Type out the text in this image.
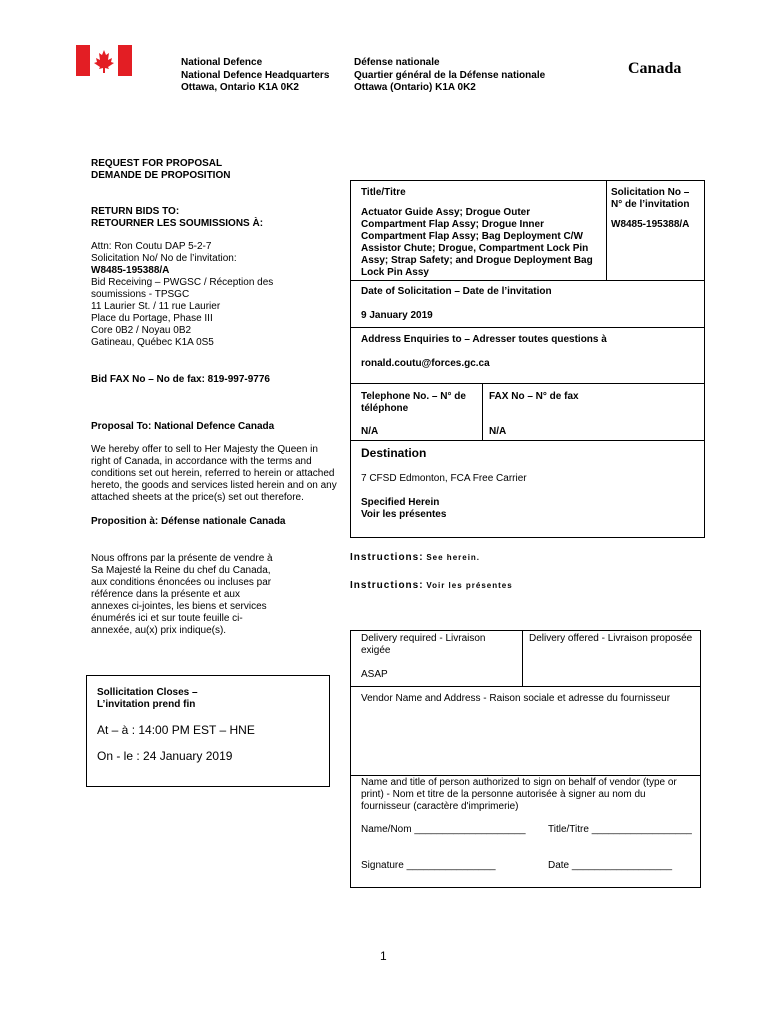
National Defence
National Defence Headquarters
Ottawa, Ontario K1A 0K2
Défense nationale
Quartier général de la Défense nationale
Ottawa (Ontario) K1A 0K2
Canada
REQUEST FOR PROPOSAL
DEMANDE DE PROPOSITION
RETURN BIDS TO:
RETOURNER LES SOUMISSIONS À:
Attn: Ron Coutu DAP 5-2-7
Solicitation No/ No de l’invitation:
W8485-195388/A
Bid Receiving – PWGSC / Réception des
soumissions - TPSGC
11 Laurier St. / 11 rue Laurier
Place du Portage, Phase III
Core 0B2 / Noyau 0B2
Gatineau, Québec K1A 0S5
Bid FAX No – No de fax: 819-997-9776
Proposal To: National Defence Canada
We hereby offer to sell to Her Majesty the Queen in
right of Canada, in accordance with the terms and
conditions set out herein, referred to herein or attached
hereto, the goods and services listed herein and on any
attached sheets at the price(s) set out therefore.
Proposition à: Défense nationale Canada
Nous offrons par la présente de vendre à
Sa Majesté la Reine du chef du Canada,
aux conditions énoncées ou incluses par
référence dans la présente et aux
annexes ci-jointes, les biens et services
énumérés ici et sur toute feuille ci-
annexée, au(x) prix indique(s).
Sollicitation Closes –
L’invitation prend fin
At – à : 14:00 PM EST – HNE
On - le : 24 January 2019
Title/Titre
Actuator Guide Assy; Drogue Outer
Compartment Flap Assy; Drogue Inner
Compartment Flap Assy; Bag Deployment C/W
Assistor Chute; Drogue, Compartment Lock Pin
Assy; Strap Safety; and Drogue Deployment Bag
Lock Pin Assy
Solicitation No –
N° de l’invitation
W8485-195388/A
Date of Solicitation – Date de l’invitation
9 January 2019
Address Enquiries to – Adresser toutes questions à
ronald.coutu@forces.gc.ca
Telephone No. – N° de
téléphone
FAX No – N° de fax
N/A	N/A
Destination
7 CFSD Edmonton, FCA Free Carrier
Specified Herein
Voir les présentes
Instructions: See herein.
Instructions: Voir les présentes
Delivery required - Livraison
exigée
Delivery offered - Livraison proposée
ASAP
Vendor Name and Address - Raison sociale et adresse du fournisseur
Name and title of person authorized to sign on behalf of vendor (type or
print) - Nom et titre de la personne autorisée à signer au nom du
fournisseur (caractère d'imprimerie)
Name/Nom ____________________ Title/Titre __________________
Signature ________________	Date __________________
1
